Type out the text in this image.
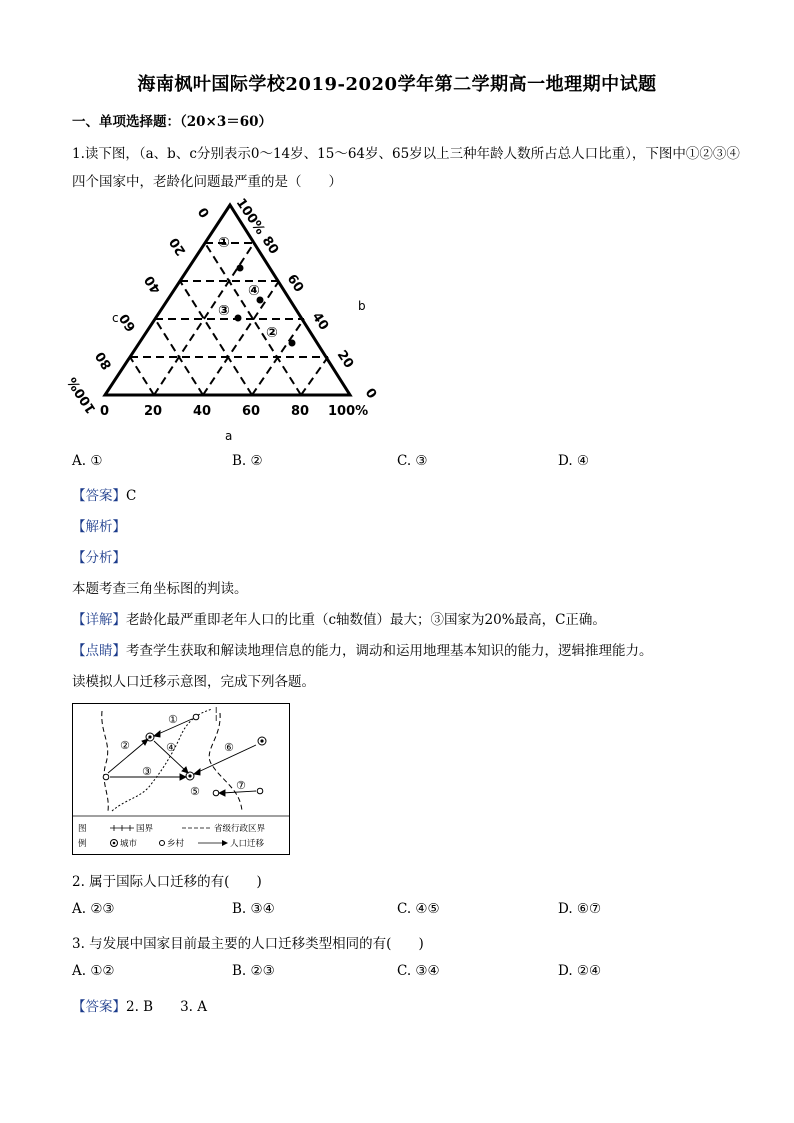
海南枫叶国际学校2019-2020学年第二学期高一地理期中试题
一、单项选择题：（20×3＝60）
1.读下图，（a、b、c分别表示0～14岁、15～64岁、65岁以上三种年龄人数所占总人口比重），下图中①②③④
四个国家中，老龄化问题最严重的是（　　）
①
②
③
④
0	20 40 60 80 100%
a
100%
80
60
40
20
0
b
0
20
40
60
80
100%
c
A. ①	B. ②	C. ③	D. ④
【答案】C
【解析】
【分析】
本题考查三角坐标图的判读。
【详解】老龄化最严重即老年人口的比重（c轴数值）最大；③国家为20%最高，C正确。
【点睛】考查学生获取和解读地理信息的能力，调动和运用地理基本知识的能力，逻辑推理能力。
读模拟人口迁移示意图，完成下列各题。
①
②
③
④
⑤
⑥
⑦
I
I
图
例
国界	省级行政区界
城市	乡村	人口迁移
2. 属于国际人口迁移的有(　　)
A. ②③	B. ③④	C. ④⑤	D. ⑥⑦
3. 与发展中国家目前最主要的人口迁移类型相同的有(　　)
A. ①②	B. ②③	C. ③④	D. ②④
【答案】2. B　　3. A
